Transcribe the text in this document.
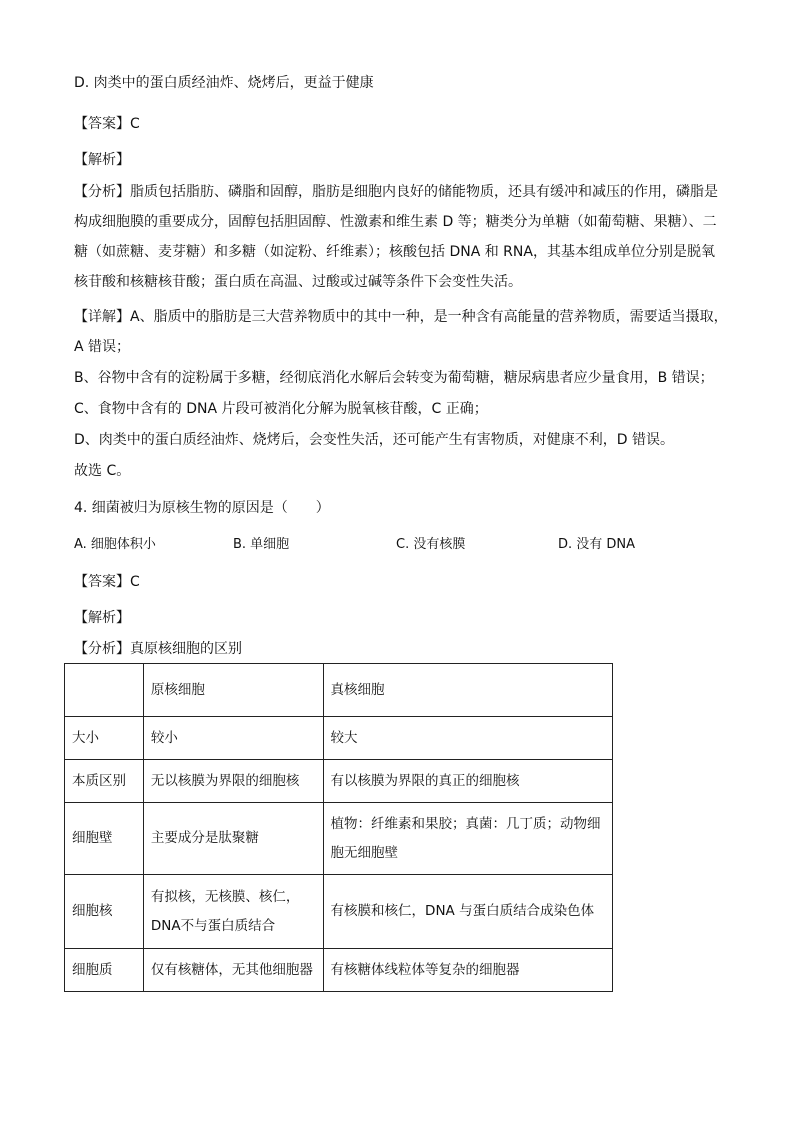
D. 肉类中的蛋白质经油炸、烧烤后，更益于健康
【答案】C
【解析】
【分析】脂质包括脂肪、磷脂和固醇，脂肪是细胞内良好的储能物质，还具有缓冲和减压的作用，磷脂是
构成细胞膜的重要成分，固醇包括胆固醇、性激素和维生素 D 等；糖类分为单糖（如葡萄糖、果糖）、二
糖（如蔗糖、麦芽糖）和多糖（如淀粉、纤维素）；核酸包括 DNA 和 RNA，其基本组成单位分别是脱氧
核苷酸和核糖核苷酸；蛋白质在高温、过酸或过碱等条件下会变性失活。
【详解】A、脂质中的脂肪是三大营养物质中的其中一种，是一种含有高能量的营养物质，需要适当摄取，
A 错误；
B、谷物中含有的淀粉属于多糖，经彻底消化水解后会转变为葡萄糖，糖尿病患者应少量食用，B 错误；
C、食物中含有的 DNA 片段可被消化分解为脱氧核苷酸，C 正确；
D、肉类中的蛋白质经油炸、烧烤后，会变性失活，还可能产生有害物质，对健康不利，D 错误。
故选 C。
4. 细菌被归为原核生物的原因是（　　）
A. 细胞体积小	B. 单细胞	C. 没有核膜	D. 没有 DNA
【答案】C
【解析】
【分析】真原核细胞的区别
	原核细胞	真核细胞
大小	较小	较大
本质区别	无以核膜为界限的细胞核	有以核膜为界限的真正的细胞核
细胞壁	主要成分是肽聚糖	植物：纤维素和果胶；真菌：几丁质；动物细胞无细胞壁
细胞核	有拟核，无核膜、核仁，DNA不与蛋白质结合	有核膜和核仁，DNA 与蛋白质结合成染色体
细胞质	仅有核糖体，无其他细胞器	有核糖体线粒体等复杂的细胞器
